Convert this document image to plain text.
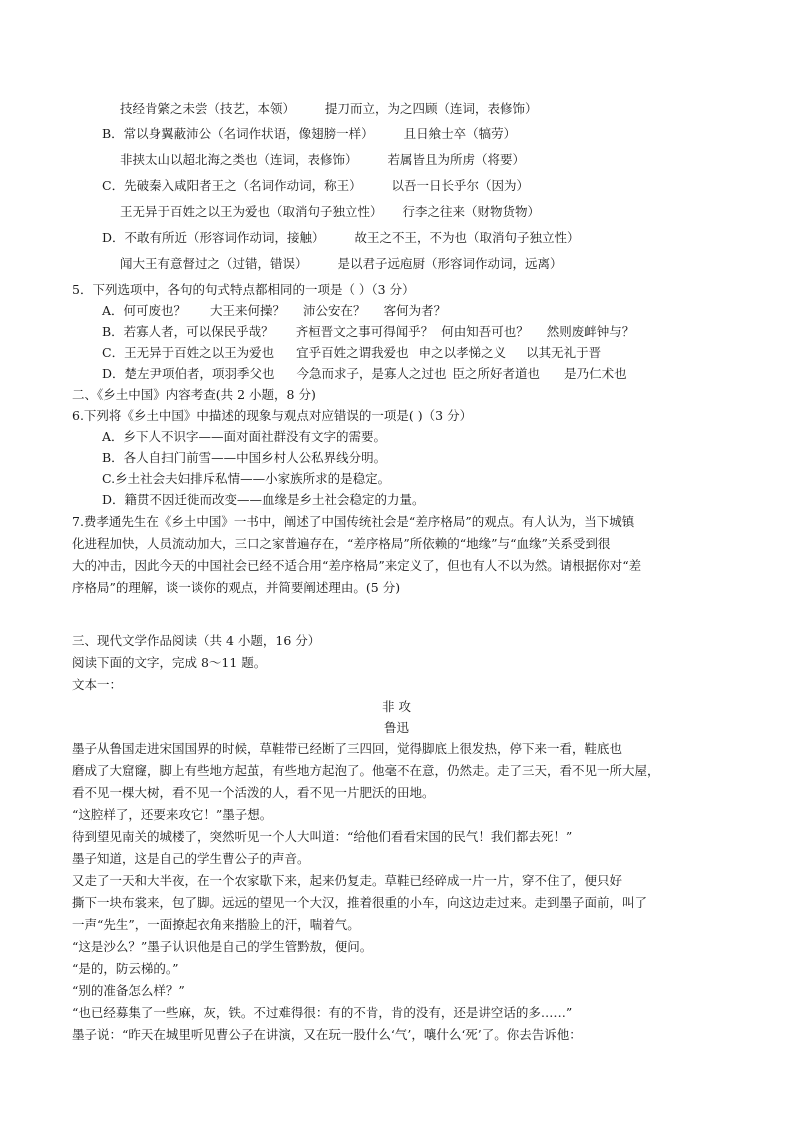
技经肯綮之未尝（技艺，本领） 提刀而立，为之四顾（连词，表修饰）
B．常以身翼蔽沛公（名词作状语，像翅膀一样） 且日飨士卒（犒劳）
非挟太山以超北海之类也（连词，表修饰） 若属皆且为所虏（将要）
C．先破秦入咸阳者王之（名词作动词，称王） 以吾一日长乎尔（因为）
王无异于百姓之以王为爱也（取消句子独立性） 行李之往来（财物货物）
D．不敢有所近（形容词作动词，接触） 故王之不王，不为也（取消句子独立性）
闻大王有意督过之（过错，错误） 是以君子远庖厨（形容词作动词，远离）
5．下列选项中，各句的句式特点都相同的一项是（ ）（3 分）
A．何可废也？ 大王来何操？ 沛公安在？ 客何为者？
B．若寡人者，可以保民乎哉？ 齐桓晋文之事可得闻乎？ 何由知吾可也？ 然则废衅钟与？
C．王无异于百姓之以王为爱也 宜乎百姓之谓我爱也 申之以孝悌之义 以其无礼于晋
D．楚左尹项伯者，项羽季父也 今急而求子，是寡人之过也 臣之所好者道也 是乃仁术也
二、《乡土中国》内容考查(共 2 小题，8 分)
6.下列将《乡土中国》中描述的现象与观点对应错误的一项是( )（3 分）
A．乡下人不识字——面对面社群没有文字的需要。
B．各人自扫门前雪——中国乡村人公私界线分明。
C.乡土社会夫妇排斥私情——小家族所求的是稳定。
D．籍贯不因迁徙而改变——血缘是乡土社会稳定的力量。
7.费孝通先生在《乡土中国》一书中，阐述了中国传统社会是“差序格局”的观点。有人认为，当下城镇
化进程加快，人员流动加大，三口之家普遍存在，“差序格局”所依赖的“地缘”与“血缘”关系受到很
大的冲击，因此今天的中国社会已经不适合用“差序格局”来定义了，但也有人不以为然。请根据你对“差
序格局”的理解，谈一谈你的观点，并简要阐述理由。(5 分)
三、现代文学作品阅读（共 4 小题，16 分）
阅读下面的文字，完成 8～11 题。
文本一：
非 攻
鲁迅
墨子从鲁国走进宋国国界的时候，草鞋带已经断了三四回，觉得脚底上很发热，停下来一看，鞋底也
磨成了大窟窿，脚上有些地方起茧，有些地方起泡了。他毫不在意，仍然走。走了三天，看不见一所大屋，
看不见一棵大树，看不见一个活泼的人，看不见一片肥沃的田地。
“这腔样了，还要来攻它！”墨子想。
待到望见南关的城楼了，突然听见一个人大叫道：“给他们看看宋国的民气！我们都去死！”
墨子知道，这是自己的学生曹公子的声音。
又走了一天和大半夜，在一个农家歇下来，起来仍复走。草鞋已经碎成一片一片，穿不住了，便只好
撕下一块布裳来，包了脚。远远的望见一个大汉，推着很重的小车，向这边走过来。走到墨子面前，叫了
一声“先生”，一面撩起衣角来揩脸上的汗，喘着气。
“这是沙么？”墨子认识他是自己的学生管黔敖，便问。
“是的，防云梯的。”
“别的准备怎么样？”
“也已经募集了一些麻，灰，铁。不过难得很：有的不肯，肯的没有，还是讲空话的多……”
墨子说：“昨天在城里听见曹公子在讲演，又在玩一股什么‘气’，嚷什么‘死’了。你去告诉他：
